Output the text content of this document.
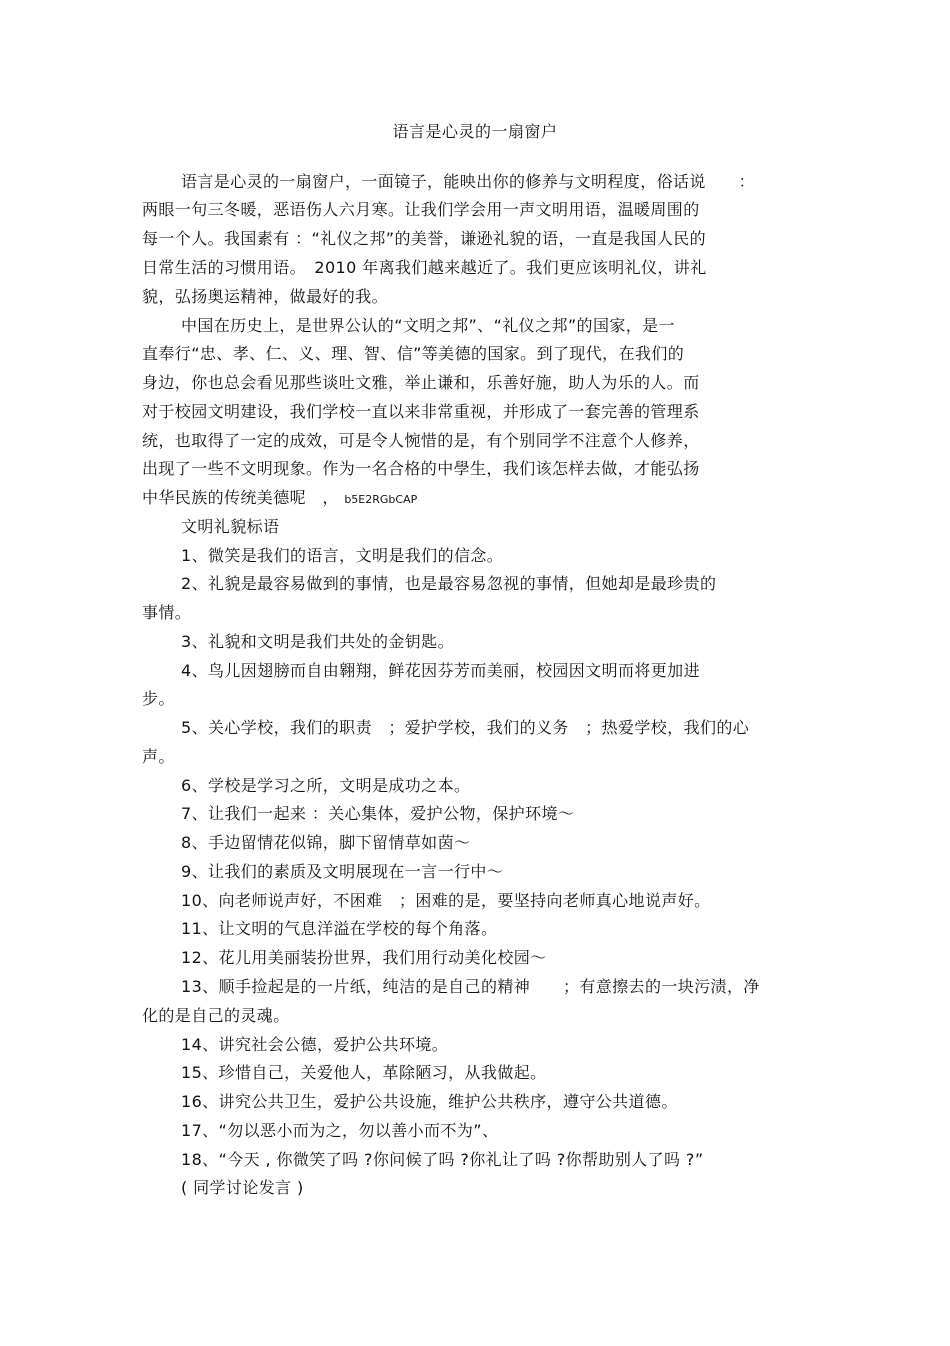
语言是心灵的一扇窗户
语言是心灵的一扇窗户，一面镜子，能映出你的修养与文明程度，俗话说　　：
两眼一句三冬暖，恶语伤人六月寒。让我们学会用一声文明用语，温暖周围的
每一个人。我国素有 ：“礼仪之邦”的美誉，谦逊礼貌的语，一直是我国人民的
日常生活的习惯用语。　2010 年离我们越来越近了。我们更应该明礼仪，讲礼
貌，弘扬奥运精神，做最好的我。
中国在历史上，是世界公认的“文明之邦”、“礼仪之邦”的国家，是一
直奉行“忠、孝、仁、义、理、智、信”等美德的国家。到了现代，在我们的
身边，你也总会看见那些谈吐文雅，举止谦和，乐善好施，助人为乐的人。而
对于校园文明建设，我们学校一直以来非常重视，并形成了一套完善的管理系
统，也取得了一定的成效，可是令人惋惜的是，有个别同学不注意个人修养，
出现了一些不文明现象。作为一名合格的中學生，我们该怎样去做，才能弘扬
中华民族的传统美德呢　， b5E2RGbCAP
文明礼貌标语
1、微笑是我们的语言，文明是我们的信念。
2、礼貌是最容易做到的事情，也是最容易忽视的事情，但她却是最珍贵的
事情。
3、礼貌和文明是我们共处的金钥匙。
4、鸟儿因翅膀而自由翱翔，鲜花因芬芳而美丽，校园因文明而将更加进
步。
5、关心学校，我们的职责　；爱护学校，我们的义务　；热爱学校，我们的心
声。
6、学校是学习之所，文明是成功之本。
7、让我们一起来 ：关心集体，爱护公物，保护环境～
8、手边留情花似锦，脚下留情草如茵～
9、让我们的素质及文明展现在一言一行中～
10、向老师说声好，不困难　；困难的是，要坚持向老师真心地说声好。
11、让文明的气息洋溢在学校的每个角落。
12、花儿用美丽装扮世界，我们用行动美化校园～
13、顺手捡起是的一片纸，纯洁的是自己的精神　　；有意擦去的一块污渍，净
化的是自己的灵魂。
14、讲究社会公德，爱护公共环境。
15、珍惜自己，关爱他人，革除陋习，从我做起。
16、讲究公共卫生，爱护公共设施，维护公共秩序，遵守公共道德。
17、“勿以恶小而为之，勿以善小而不为”、
18、“今天 , 你微笑了吗 ?你问候了吗 ?你礼让了吗 ?你帮助别人了吗 ?”
( 同学讨论发言 )
